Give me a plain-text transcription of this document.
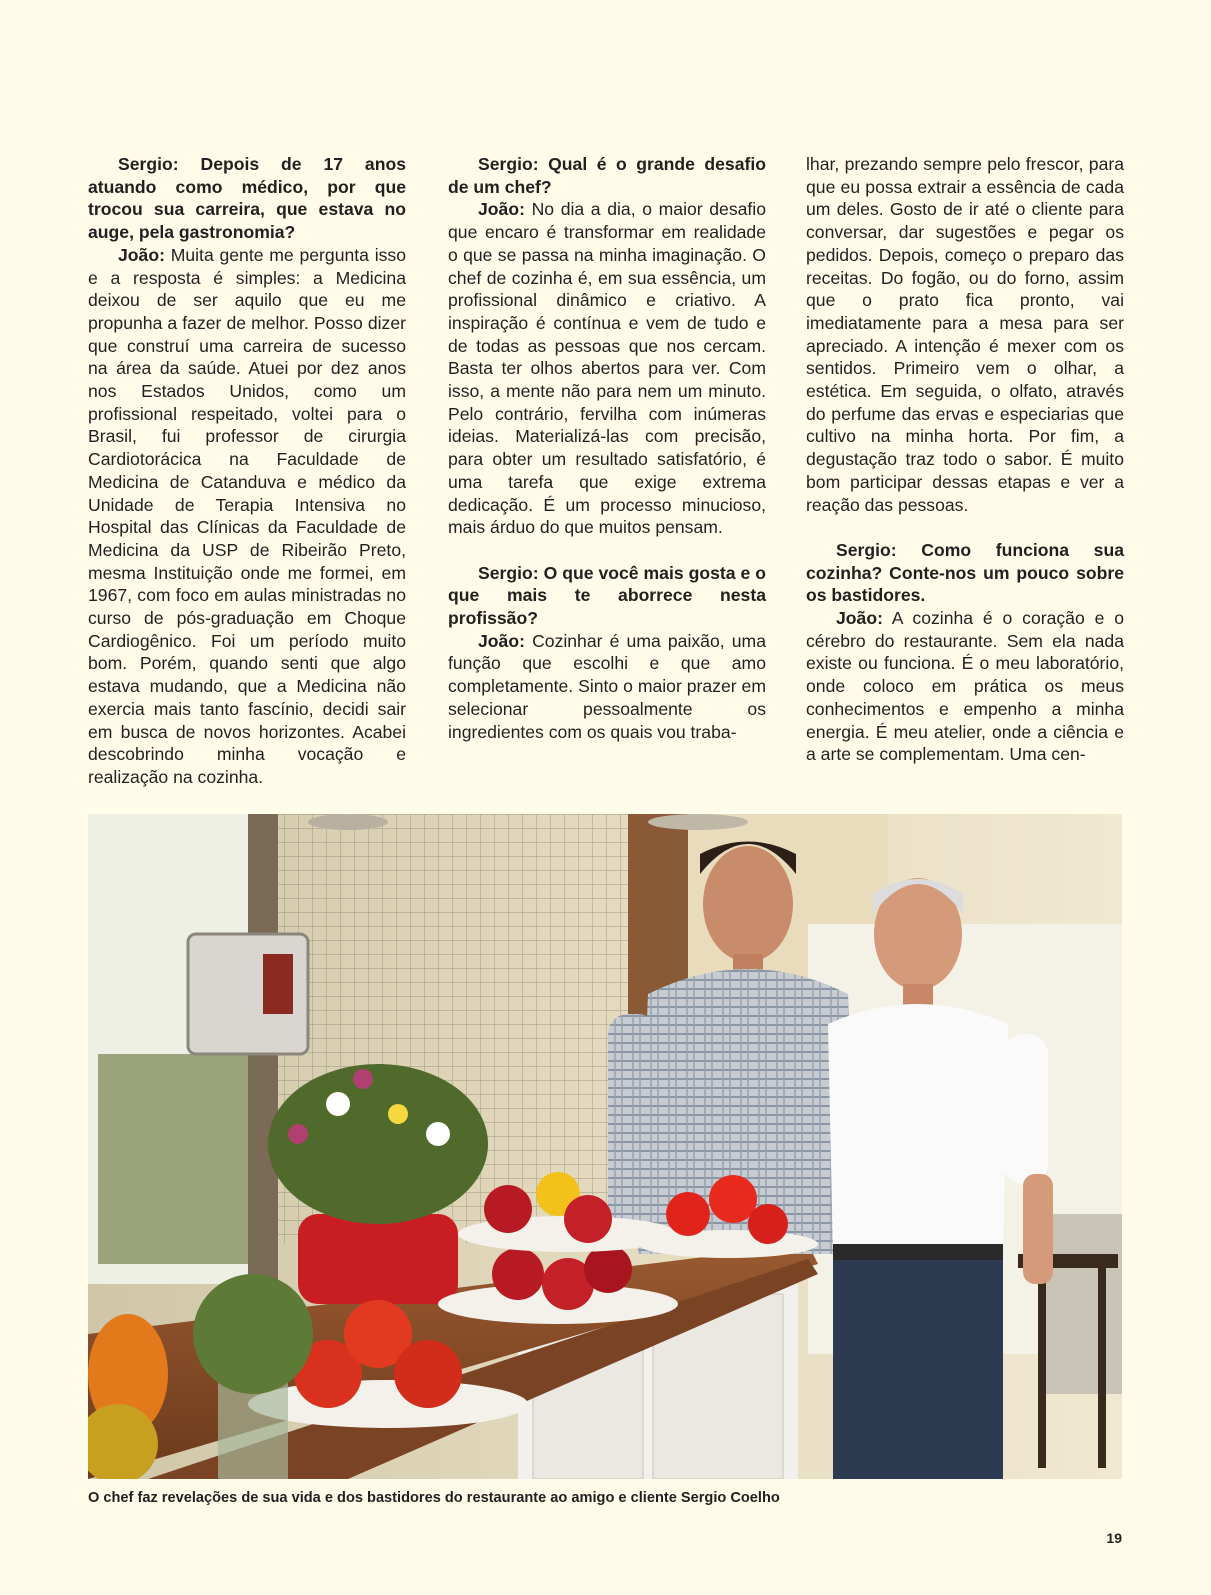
Sergio: Depois de 17 anos atuando como médico, por que trocou sua carreira, que estava no auge, pela gastronomia?

João: Muita gente me pergunta isso e a resposta é simples: a Medicina deixou de ser aquilo que eu me propunha a fazer de melhor. Posso dizer que construí uma carreira de sucesso na área da saúde. Atuei por dez anos nos Estados Unidos, como um profissional respeitado, voltei para o Brasil, fui professor de cirurgia Cardiotorácica na Faculdade de Medicina de Catanduva e médico da Unidade de Terapia Intensiva no Hospital das Clínicas da Faculdade de Medicina da USP de Ribeirão Preto, mesma Instituição onde me formei, em 1967, com foco em aulas ministradas no curso de pós-graduação em Choque Cardiogênico. Foi um período muito bom. Porém, quando senti que algo estava mudando, que a Medicina não exercia mais tanto fascínio, decidi sair em busca de novos horizontes. Acabei descobrindo minha vocação e realização na cozinha.

Sergio: Qual é o grande desafio de um chef?

João: No dia a dia, o maior desafio que encaro é transformar em realidade o que se passa na minha imaginação. O chef de cozinha é, em sua essência, um profissional dinâmico e criativo. A inspiração é contínua e vem de tudo e de todas as pessoas que nos cercam. Basta ter olhos abertos para ver. Com isso, a mente não para nem um minuto. Pelo contrário, fervilha com inúmeras ideias. Materializá-las com precisão, para obter um resultado satisfatório, é uma tarefa que exige extrema dedicação. É um processo minucioso, mais árduo do que muitos pensam.

Sergio: O que você mais gosta e o que mais te aborrece nesta profissão?

João: Cozinhar é uma paixão, uma função que escolhi e que amo completamente. Sinto o maior prazer em selecionar pessoalmente os ingredientes com os quais vou traba-

lhar, prezando sempre pelo frescor, para que eu possa extrair a essência de cada um deles. Gosto de ir até o cliente para conversar, dar sugestões e pegar os pedidos. Depois, começo o preparo das receitas. Do fogão, ou do forno, assim que o prato fica pronto, vai imediatamente para a mesa para ser apreciado. A intenção é mexer com os sentidos. Primeiro vem o olhar, a estética. Em seguida, o olfato, através do perfume das ervas e especiarias que cultivo na minha horta. Por fim, a degustação traz todo o sabor. É muito bom participar dessas etapas e ver a reação das pessoas.

Sergio: Como funciona sua cozinha? Conte-nos um pouco sobre os bastidores.

João: A cozinha é o coração e o cérebro do restaurante. Sem ela nada existe ou funciona. É o meu laboratório, onde coloco em prática os meus conhecimentos e empenho a minha energia. É meu atelier, onde a ciência e a arte se complementam. Uma cen-

O chef faz revelações de sua vida e dos bastidores do restaurante ao amigo e cliente Sergio Coelho
19
